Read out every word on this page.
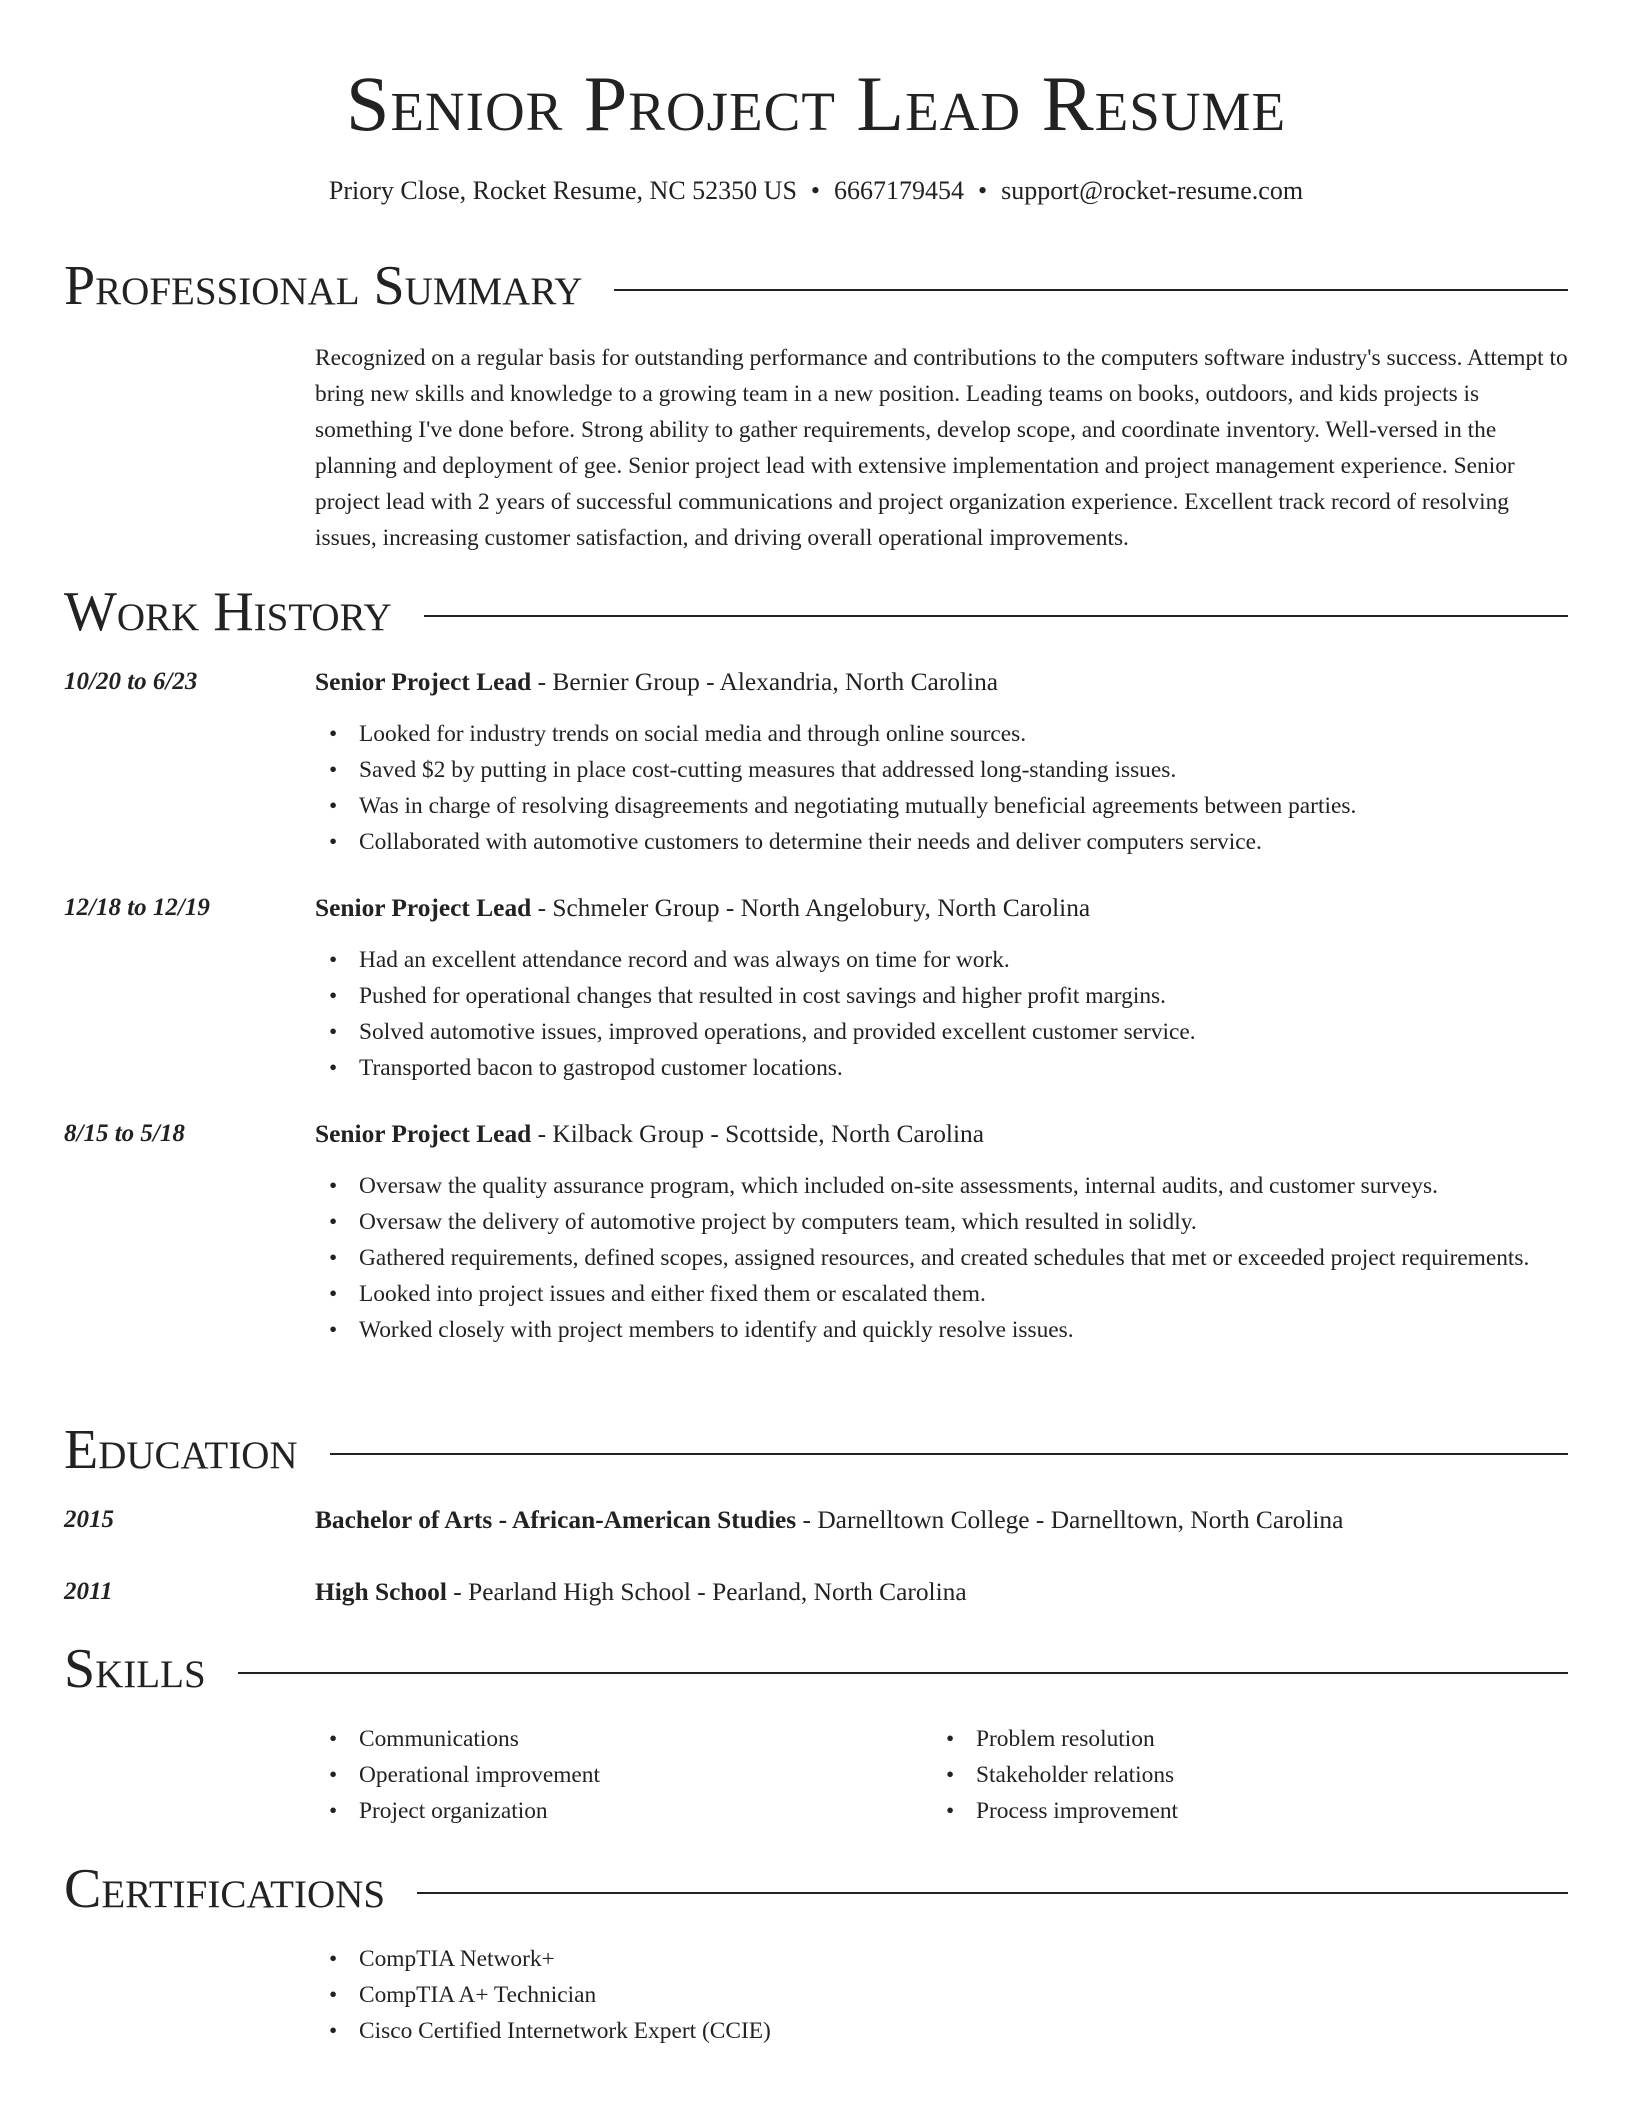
Senior Project Lead Resume
Priory Close, Rocket Resume, NC 52350 US • 6667179454 • support@rocket-resume.com
Professional Summary
Recognized on a regular basis for outstanding performance and contributions to the computers software industry's success. Attempt to bring new skills and knowledge to a growing team in a new position. Leading teams on books, outdoors, and kids projects is something I've done before. Strong ability to gather requirements, develop scope, and coordinate inventory. Well-versed in the planning and deployment of gee. Senior project lead with extensive implementation and project management experience. Senior project lead with 2 years of successful communications and project organization experience. Excellent track record of resolving issues, increasing customer satisfaction, and driving overall operational improvements.
Work History
10/20 to 6/23	Senior Project Lead - Bernier Group - Alexandria, North Carolina
• Looked for industry trends on social media and through online sources.
• Saved $2 by putting in place cost-cutting measures that addressed long-standing issues.
• Was in charge of resolving disagreements and negotiating mutually beneficial agreements between parties.
• Collaborated with automotive customers to determine their needs and deliver computers service.
12/18 to 12/19	Senior Project Lead - Schmeler Group - North Angelobury, North Carolina
• Had an excellent attendance record and was always on time for work.
• Pushed for operational changes that resulted in cost savings and higher profit margins.
• Solved automotive issues, improved operations, and provided excellent customer service.
• Transported bacon to gastropod customer locations.
8/15 to 5/18	Senior Project Lead - Kilback Group - Scottside, North Carolina
• Oversaw the quality assurance program, which included on-site assessments, internal audits, and customer surveys.
• Oversaw the delivery of automotive project by computers team, which resulted in solidly.
• Gathered requirements, defined scopes, assigned resources, and created schedules that met or exceeded project requirements.
• Looked into project issues and either fixed them or escalated them.
• Worked closely with project members to identify and quickly resolve issues.
Education
2015	Bachelor of Arts - African-American Studies - Darnelltown College - Darnelltown, North Carolina
2011	High School - Pearland High School - Pearland, North Carolina
Skills
• Communications
• Operational improvement
• Project organization
• Problem resolution
• Stakeholder relations
• Process improvement
Certifications
• CompTIA Network+
• CompTIA A+ Technician
• Cisco Certified Internetwork Expert (CCIE)
